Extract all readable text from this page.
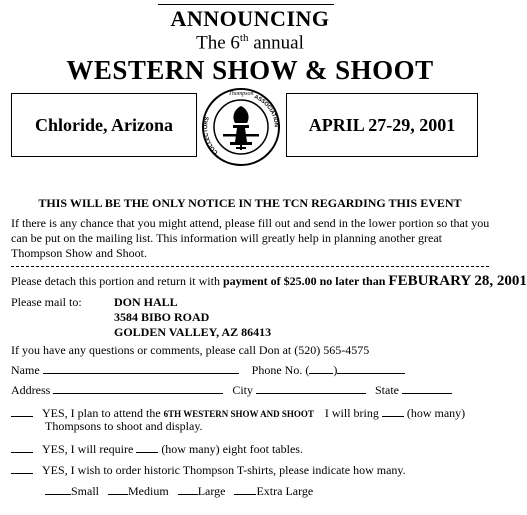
ANNOUNCING
The 6th annual
WESTERN SHOW & SHOOT
Chloride, Arizona	APRIL 27-29, 2001
Thompson
COLLECTORS
ASSOCIATION
THIS WILL BE THE ONLY NOTICE IN THE TCN REGARDING THIS EVENT
If there is any chance that you might attend, please fill out and send in the lower portion so that you can be put on the mailing list. This information will greatly help in planning another great Thompson Show and Shoot.
Please detach this portion and return it with payment of $25.00 no later than FEBURARY 28, 2001
Please mail to:	DON HALL
3584 BIBO ROAD
GOLDEN VALLEY, AZ 86413
If you have any questions or comments, please call Don at (520) 565-4575
Name	Phone No. ( )
Address	City	State
YES, I plan to attend the 6TH WESTERN SHOW AND SHOOT I will bring (how many)
Thompsons to shoot and display.
YES, I will require (how many) eight foot tables.
YES, I wish to order historic Thompson T-shirts, please indicate how many.
Small Medium Large	Extra Large
